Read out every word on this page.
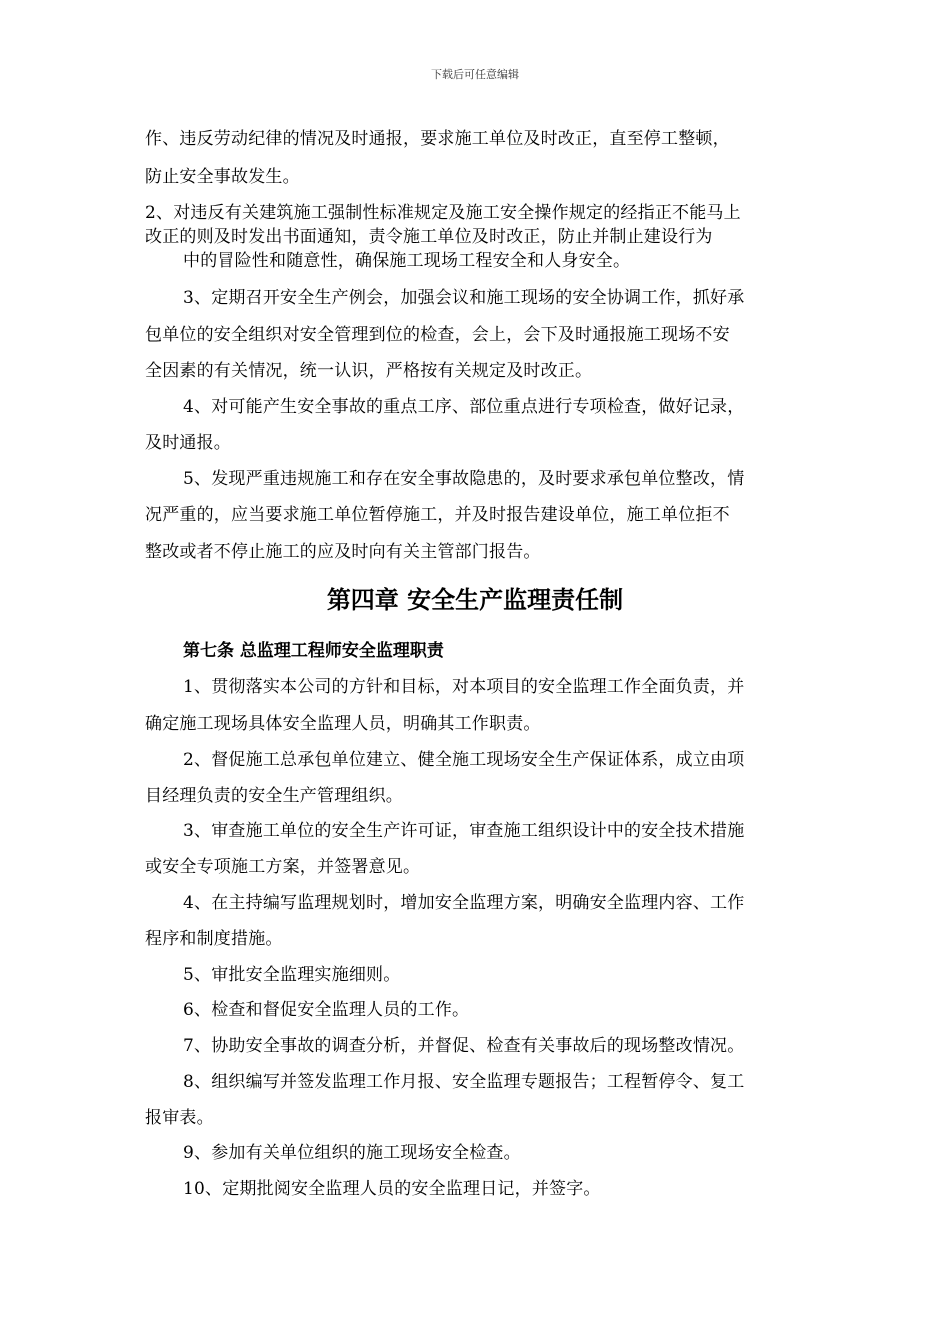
下载后可任意编辑
作、违反劳动纪律的情况及时通报，要求施工单位及时改正，直至停工整顿，
防止安全事故发生。
2、对违反有关建筑施工强制性标准规定及施工安全操作规定的经指正不能马上
改正的则及时发出书面通知，责令施工单位及时改正，防止并制止建设行为
中的冒险性和随意性，确保施工现场工程安全和人身安全。
3、定期召开安全生产例会，加强会议和施工现场的安全协调工作，抓好承
包单位的安全组织对安全管理到位的检查，会上，会下及时通报施工现场不安
全因素的有关情况，统一认识，严格按有关规定及时改正。
4、对可能产生安全事故的重点工序、部位重点进行专项检查，做好记录，
及时通报。
5、发现严重违规施工和存在安全事故隐患的，及时要求承包单位整改，情
况严重的，应当要求施工单位暂停施工，并及时报告建设单位，施工单位拒不
整改或者不停止施工的应及时向有关主管部门报告。
第四章 安全生产监理责任制
第七条 总监理工程师安全监理职责
1、贯彻落实本公司的方针和目标，对本项目的安全监理工作全面负责，并
确定施工现场具体安全监理人员，明确其工作职责。
2、督促施工总承包单位建立、健全施工现场安全生产保证体系，成立由项
目经理负责的安全生产管理组织。
3、审查施工单位的安全生产许可证，审查施工组织设计中的安全技术措施
或安全专项施工方案，并签署意见。
4、在主持编写监理规划时，增加安全监理方案，明确安全监理内容、工作
程序和制度措施。
5、审批安全监理实施细则。
6、检查和督促安全监理人员的工作。
7、协助安全事故的调查分析，并督促、检查有关事故后的现场整改情况。
8、组织编写并签发监理工作月报、安全监理专题报告；工程暂停令、复工
报审表。
9、参加有关单位组织的施工现场安全检查。
10、定期批阅安全监理人员的安全监理日记，并签字。
